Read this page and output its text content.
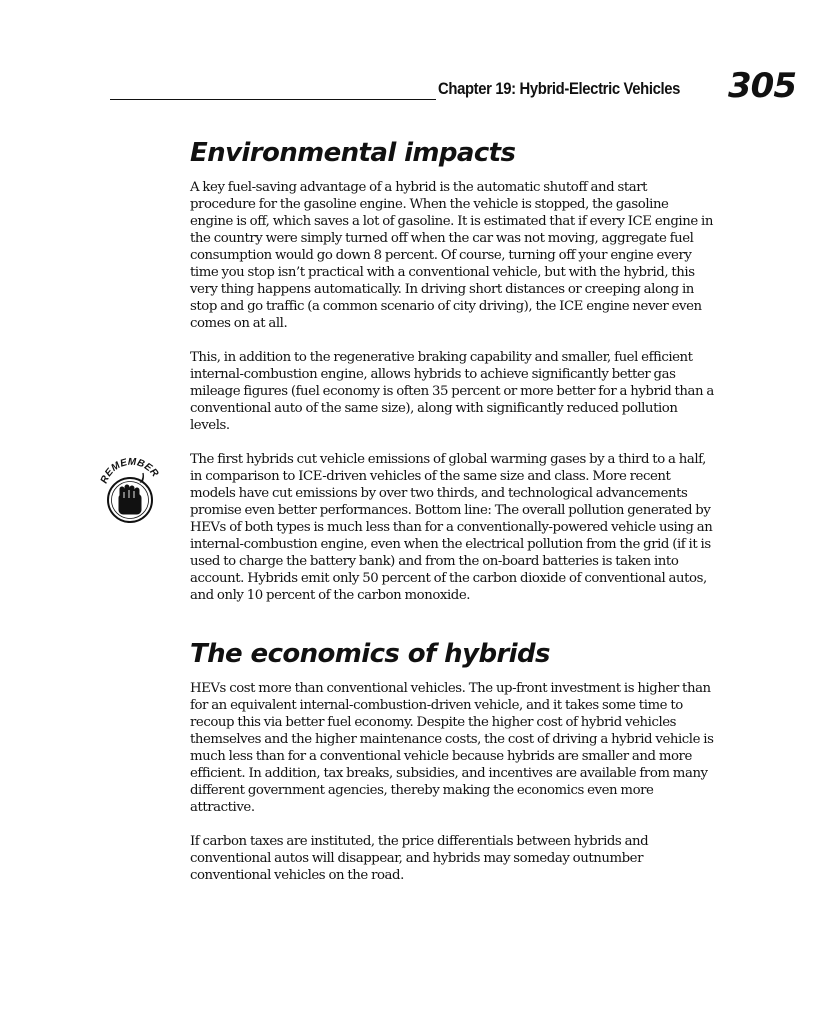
Chapter 19: Hybrid-Electric Vehicles 305
REMEMBER
Environmental impacts

A key fuel-saving advantage of a hybrid is the automatic shutoff and start procedure for the gasoline engine. When the vehicle is stopped, the gasoline engine is off, which saves a lot of gasoline. It is estimated that if every ICE engine in the country were simply turned off when the car was not moving, aggregate fuel consumption would go down 8 percent. Of course, turning off your engine every time you stop isn’t practical with a conventional vehicle, but with the hybrid, this very thing happens automatically. In driving short distances or creeping along in stop and go traffic (a common scenario of city driving), the ICE engine never even comes on at all.

This, in addition to the regenerative braking capability and smaller, fuel efficient internal-combustion engine, allows hybrids to achieve significantly better gas mileage figures (fuel economy is often 35 percent or more better for a hybrid than a conventional auto of the same size), along with significantly reduced pollution levels.

The first hybrids cut vehicle emissions of global warming gases by a third to a half, in comparison to ICE-driven vehicles of the same size and class. More recent models have cut emissions by over two thirds, and technological advancements promise even better performances. Bottom line: The overall pollution generated by HEVs of both types is much less than for a conventionally-powered vehicle using an internal-combustion engine, even when the electrical pollution from the grid (if it is used to charge the battery bank) and from the on-board batteries is taken into account. Hybrids emit only 50 percent of the carbon dioxide of conventional autos, and only 10 percent of the carbon monoxide.

The economics of hybrids

HEVs cost more than conventional vehicles. The up-front investment is higher than for an equivalent internal-combustion-driven vehicle, and it takes some time to recoup this via better fuel economy. Despite the higher cost of hybrid vehicles themselves and the higher maintenance costs, the cost of driving a hybrid vehicle is much less than for a conventional vehicle because hybrids are smaller and more efficient. In addition, tax breaks, subsidies, and incentives are available from many different government agencies, thereby making the economics even more attractive.

If carbon taxes are instituted, the price differentials between hybrids and conventional autos will disappear, and hybrids may someday outnumber conventional vehicles on the road.
